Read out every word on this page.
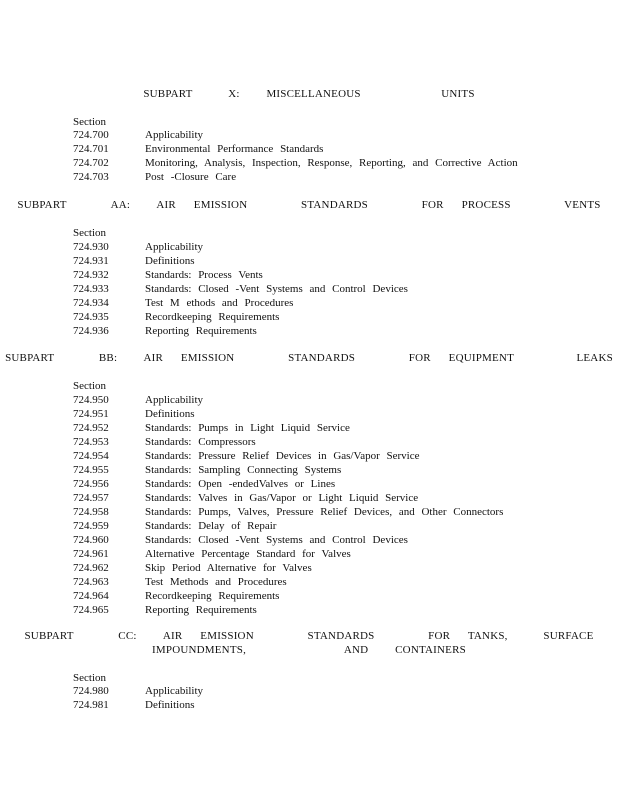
SUBPART    X:   MISCELLANEOUS         UNITS
Section
724.700	Applicability
724.701	Environmental Performance Standards
724.702	Monitoring, Analysis, Inspection, Response, Reporting, and Corrective Action
724.703	Post -Closure Care
SUBPART     AA:   AIR  EMISSION      STANDARDS      FOR  PROCESS      VENTS
Section
724.930	Applicability
724.931	Definitions
724.932	Standards: Process Vents
724.933	Standards: Closed -Vent Systems and Control Devices
724.934	Test M ethods and Procedures
724.935	Recordkeeping Requirements
724.936	Reporting Requirements
SUBPART     BB:   AIR  EMISSION      STANDARDS      FOR  EQUIPMENT       LEAKS
Section
724.950	Applicability
724.951	Definitions
724.952	Standards: Pumps in Light Liquid Service
724.953	Standards: Compressors
724.954	Standards: Pressure Relief Devices in Gas/Vapor Service
724.955	Standards: Sampling Connecting Systems
724.956	Standards: Open -endedValves or Lines
724.957	Standards: Valves in Gas/Vapor or Light Liquid Service
724.958	Standards: Pumps, Valves, Pressure Relief Devices, and Other Connectors
724.959	Standards: Delay of Repair
724.960	Standards: Closed -Vent Systems and Control Devices
724.961	Alternative Percentage Standard for Valves
724.962	Skip Period Alternative for Valves
724.963	Test Methods and Procedures
724.964	Recordkeeping Requirements
724.965	Reporting Requirements
SUBPART     CC:   AIR  EMISSION      STANDARDS      FOR  TANKS,    SURFACE
IMPOUNDMENTS,           AND   CONTAINERS
Section
724.980	Applicability
724.981	Definitions
